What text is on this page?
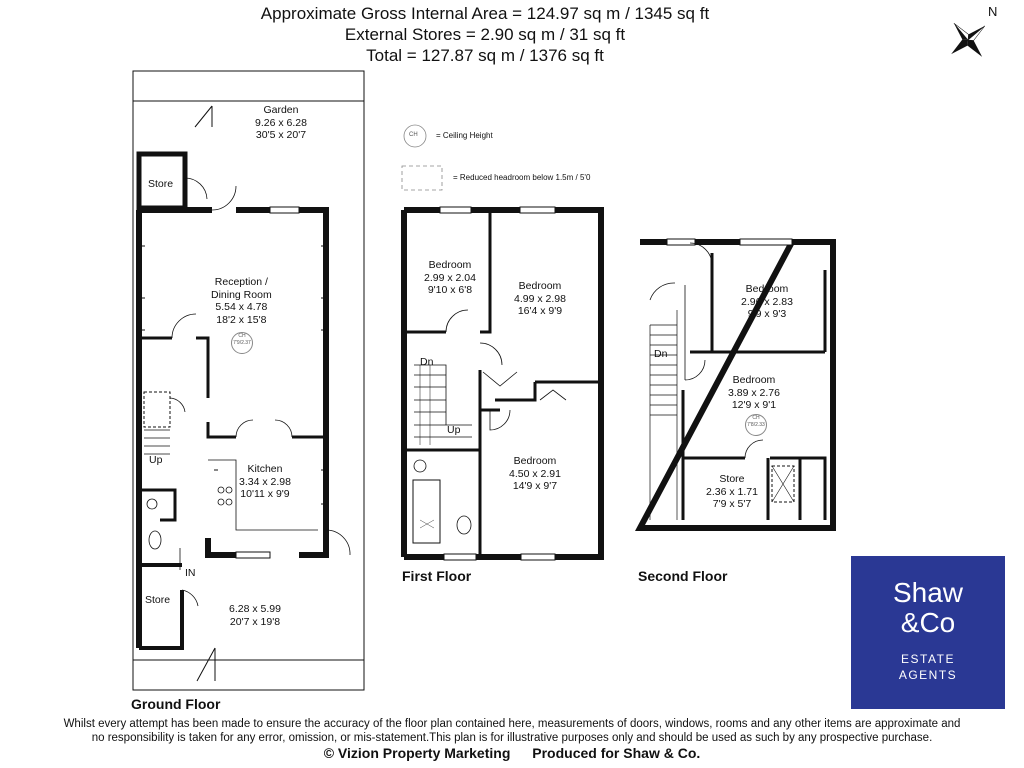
Approximate Gross Internal Area = 124.97 sq m / 1345 sq ft
External Stores = 2.90 sq m / 31 sq ft
Total = 127.87 sq m / 1376 sq ft
N
CH = Ceiling Height
= Reduced headroom below 1.5m / 5'0
Garden
9.26 x 6.28
30'5 x 20'7
Store
Reception /
Dining Room
5.54 x 4.78
18'2 x 15'8
CH 7'9/2.37
Kitchen
3.34 x 2.98
10'11 x 9'9
Up
IN
Store
6.28 x 5.99
20'7 x 19'8
Ground Floor
Bedroom
2.99 x 2.04
9'10 x 6'8	Bedroom
4.99 x 2.98
16'4 x 9'9
Bedroom
4.50 x 2.91
14'9 x 9'7
Dn
Up
First Floor
Bedroom
2.96 x 2.83
9'9 x 9'3
Bedroom
3.89 x 2.76
12'9 x 9'1
CH 7'8/2.33
Store
2.36 x 1.71
7'9 x 5'7
Dn
Second Floor
Shaw
&Co
ESTATE
AGENTS
Whilst every attempt has been made to ensure the accuracy of the floor plan contained here, measurements of doors, windows, rooms and any other items are approximate and
no responsibility is taken for any error, omission, or mis-statement.This plan is for illustrative purposes only and should be used as such by any prospective purchase.
© Vizion Property Marketing Produced for Shaw & Co.
